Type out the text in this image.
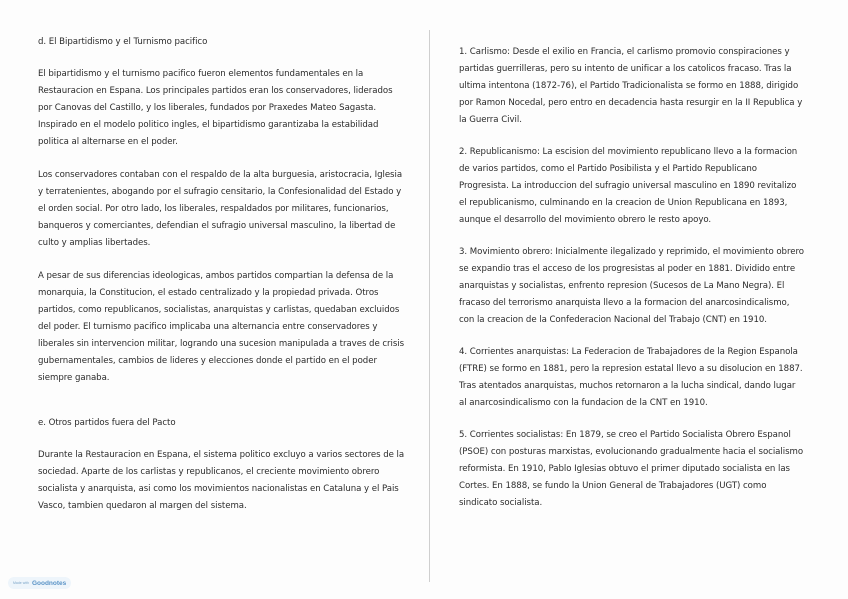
d. El Bipartidismo y el Turnismo pacifico

El bipartidismo y el turnismo pacifico fueron elementos fundamentales en la Restauracion en Espana. Los principales partidos eran los conservadores, liderados por Canovas del Castillo, y los liberales, fundados por Praxedes Mateo Sagasta. Inspirado en el modelo politico ingles, el bipartidismo garantizaba la estabilidad politica al alternarse en el poder.

Los conservadores contaban con el respaldo de la alta burguesia, aristocracia, Iglesia y terratenientes, abogando por el sufragio censitario, la Confesionalidad del Estado y el orden social. Por otro lado, los liberales, respaldados por militares, funcionarios, banqueros y comerciantes, defendian el sufragio universal masculino, la libertad de culto y amplias libertades.

A pesar de sus diferencias ideologicas, ambos partidos compartian la defensa de la monarquia, la Constitucion, el estado centralizado y la propiedad privada. Otros partidos, como republicanos, socialistas, anarquistas y carlistas, quedaban excluidos del poder. El turnismo pacifico implicaba una alternancia entre conservadores y liberales sin intervencion militar, logrando una sucesion manipulada a traves de crisis gubernamentales, cambios de lideres y elecciones donde el partido en el poder siempre ganaba.

e. Otros partidos fuera del Pacto

Durante la Restauracion en Espana, el sistema politico excluyo a varios sectores de la sociedad. Aparte de los carlistas y republicanos, el creciente movimiento obrero socialista y anarquista, asi como los movimientos nacionalistas en Cataluna y el Pais Vasco, tambien quedaron al margen del sistema.

1. Carlismo: Desde el exilio en Francia, el carlismo promovio conspiraciones y partidas guerrilleras, pero su intento de unificar a los catolicos fracaso. Tras la ultima intentona (1872-76), el Partido Tradicionalista se formo en 1888, dirigido por Ramon Nocedal, pero entro en decadencia hasta resurgir en la II Republica y la Guerra Civil.

2. Republicanismo: La escision del movimiento republicano llevo a la formacion de varios partidos, como el Partido Posibilista y el Partido Republicano Progresista. La introduccion del sufragio universal masculino en 1890 revitalizo el republicanismo, culminando en la creacion de Union Republicana en 1893, aunque el desarrollo del movimiento obrero le resto apoyo.

3. Movimiento obrero: Inicialmente ilegalizado y reprimido, el movimiento obrero se expandio tras el acceso de los progresistas al poder en 1881. Dividido entre anarquistas y socialistas, enfrento represion (Sucesos de La Mano Negra). El fracaso del terrorismo anarquista llevo a la formacion del anarcosindicalismo, con la creacion de la Confederacion Nacional del Trabajo (CNT) en 1910.

4. Corrientes anarquistas: La Federacion de Trabajadores de la Region Espanola (FTRE) se formo en 1881, pero la represion estatal llevo a su disolucion en 1887. Tras atentados anarquistas, muchos retornaron a la lucha sindical, dando lugar al anarcosindicalismo con la fundacion de la CNT en 1910.

5. Corrientes socialistas: En 1879, se creo el Partido Socialista Obrero Espanol (PSOE) con posturas marxistas, evolucionando gradualmente hacia el socialismo reformista. En 1910, Pablo Iglesias obtuvo el primer diputado socialista en las Cortes. En 1888, se fundo la Union General de Trabajadores (UGT) como sindicato socialista.

Made with Goodnotes
